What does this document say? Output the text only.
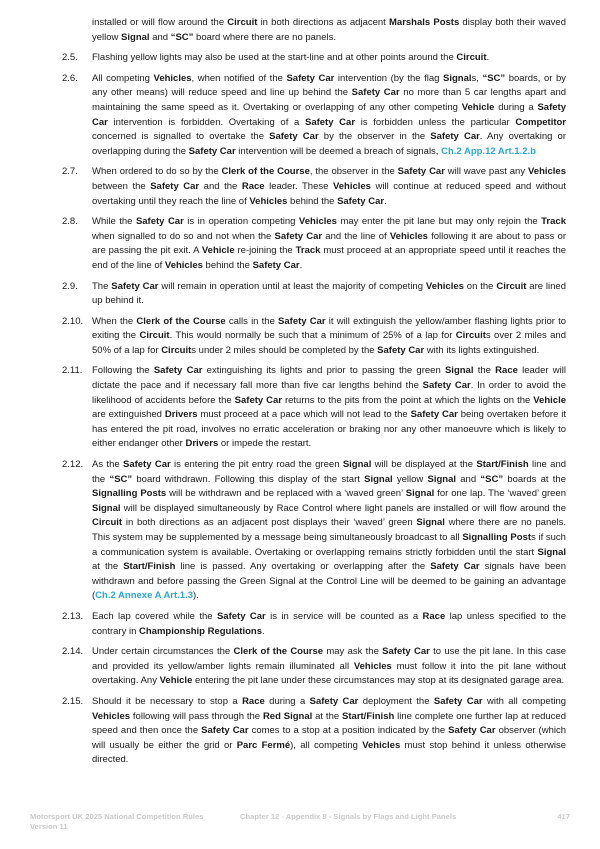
installed or will flow around the Circuit in both directions as adjacent Marshals Posts display both their waved yellow Signal and “SC” board where there are no panels.
2.5.	Flashing yellow lights may also be used at the start-line and at other points around the Circuit.
2.6.	All competing Vehicles, when notified of the Safety Car intervention (by the flag Signals, “SC” boards, or by any other means) will reduce speed and line up behind the Safety Car no more than 5 car lengths apart and maintaining the same speed as it. Overtaking or overlapping of any other competing Vehicle during a Safety Car intervention is forbidden. Overtaking of a Safety Car is forbidden unless the particular Competitor concerned is signalled to overtake the Safety Car by the observer in the Safety Car. Any overtaking or overlapping during the Safety Car intervention will be deemed a breach of signals, Ch.2 App.12 Art.1.2.b
2.7.	When ordered to do so by the Clerk of the Course, the observer in the Safety Car will wave past any Vehicles between the Safety Car and the Race leader. These Vehicles will continue at reduced speed and without overtaking until they reach the line of Vehicles behind the Safety Car.
2.8.	While the Safety Car is in operation competing Vehicles may enter the pit lane but may only rejoin the Track when signalled to do so and not when the Safety Car and the line of Vehicles following it are about to pass or are passing the pit exit. A Vehicle re-joining the Track must proceed at an appropriate speed until it reaches the end of the line of Vehicles behind the Safety Car.
2.9.	The Safety Car will remain in operation until at least the majority of competing Vehicles on the Circuit are lined up behind it.
2.10. When the Clerk of the Course calls in the Safety Car it will extinguish the yellow/amber flashing lights prior to exiting the Circuit. This would normally be such that a minimum of 25% of a lap for Circuits over 2 miles and 50% of a lap for Circuits under 2 miles should be completed by the Safety Car with its lights extinguished.
2.11.	Following the Safety Car extinguishing its lights and prior to passing the green Signal the Race leader will dictate the pace and if necessary fall more than five car lengths behind the Safety Car. In order to avoid the likelihood of accidents before the Safety Car returns to the pits from the point at which the lights on the Vehicle are extinguished Drivers must proceed at a pace which will not lead to the Safety Car being overtaken before it has entered the pit road, involves no erratic acceleration or braking nor any other manoeuvre which is likely to either endanger other Drivers or impede the restart.
2.12. As the Safety Car is entering the pit entry road the green Signal will be displayed at the Start/Finish line and the “SC” board withdrawn. Following this display of the start Signal yellow Signal and “SC” boards at the Signalling Posts will be withdrawn and be replaced with a ‘waved green’ Signal for one lap. The ‘waved’ green Signal will be displayed simultaneously by Race Control where light panels are installed or will flow around the Circuit in both directions as an adjacent post displays their ‘waved’ green Signal where there are no panels. This system may be supplemented by a message being simultaneously broadcast to all Signalling Posts if such a communication system is available. Overtaking or overlapping remains strictly forbidden until the start Signal at the Start/Finish line is passed. Any overtaking or overlapping after the Safety Car signals have been withdrawn and before passing the Green Signal at the Control Line will be deemed to be gaining an advantage (Ch.2 Annexe A Art.1.3).
2.13. Each lap covered while the Safety Car is in service will be counted as a Race lap unless specified to the contrary in Championship Regulations.
2.14. Under certain circumstances the Clerk of the Course may ask the Safety Car to use the pit lane. In this case and provided its yellow/amber lights remain illuminated all Vehicles must follow it into the pit lane without overtaking. Any Vehicle entering the pit lane under these circumstances may stop at its designated garage area.
2.15. Should it be necessary to stop a Race during a Safety Car deployment the Safety Car with all competing Vehicles following will pass through the Red Signal at the Start/Finish line complete one further lap at reduced speed and then once the Safety Car comes to a stop at a position indicated by the Safety Car observer (which will usually be either the grid or Parc Fermé), all competing Vehicles must stop behind it unless otherwise directed.
Motorsport UK 2025 National Competition Rules
Version 11
Chapter 12 - Appendix 8 - Signals by Flags and Light Panels	417
